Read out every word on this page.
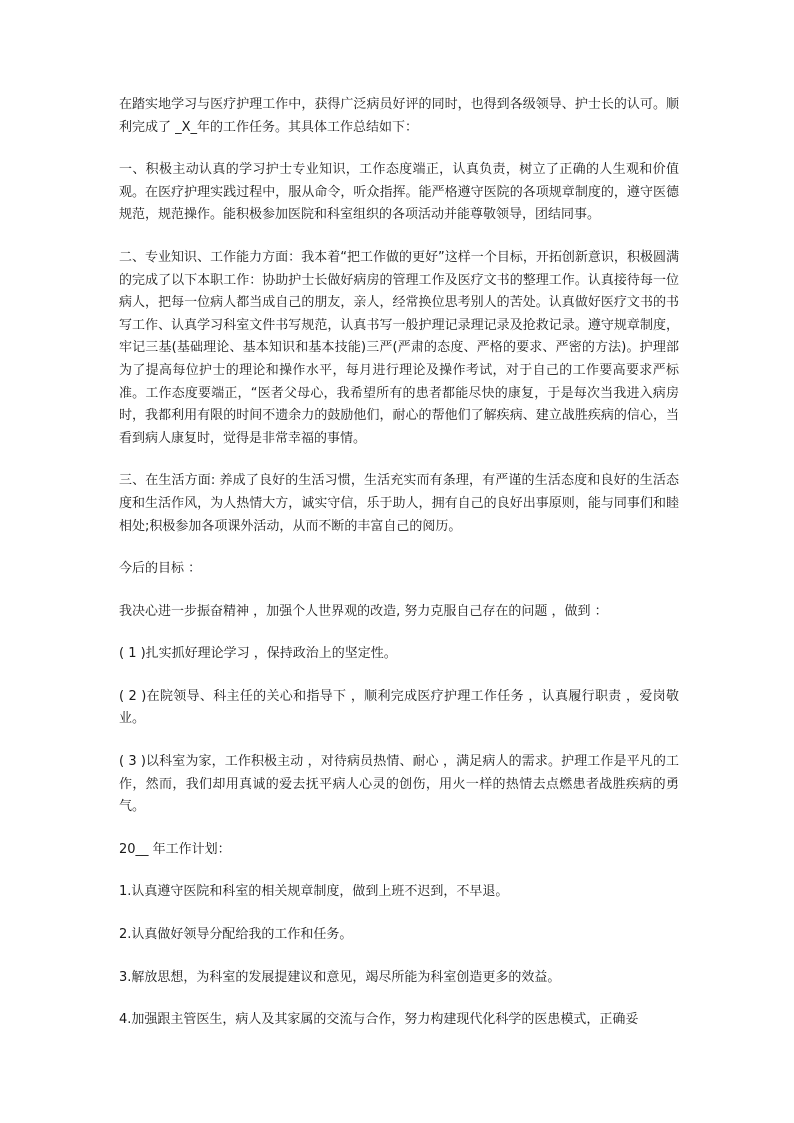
在踏实地学习与医疗护理工作中，获得广泛病员好评的同时，也得到各级领导、护士长的认可。顺利完成了 _X_年的工作任务。其具体工作总结如下：

一、积极主动认真的学习护士专业知识，工作态度端正，认真负责，树立了正确的人生观和价值观。在医疗护理实践过程中，服从命令，听众指挥。能严格遵守医院的各项规章制度的，遵守医德规范，规范操作。能积极参加医院和科室组织的各项活动并能尊敬领导，团结同事。

二、专业知识、工作能力方面：我本着“把工作做的更好”这样一个目标，开拓创新意识，积极圆满的完成了以下本职工作：协助护士长做好病房的管理工作及医疗文书的整理工作。认真接待每一位病人，把每一位病人都当成自己的朋友，亲人，经常换位思考别人的苦处。认真做好医疗文书的书写工作、认真学习科室文件书写规范，认真书写一般护理记录理记录及抢救记录。遵守规章制度，牢记三基(基础理论、基本知识和基本技能)三严(严肃的态度、严格的要求、严密的方法)。护理部为了提高每位护士的理论和操作水平，每月进行理论及操作考试，对于自己的工作要高要求严标准。工作态度要端正，“医者父母心，我希望所有的患者都能尽快的康复，于是每次当我进入病房时，我都利用有限的时间不遗余力的鼓励他们，耐心的帮他们了解疾病、建立战胜疾病的信心，当看到病人康复时，觉得是非常幸福的事情。

三、在生活方面: 养成了良好的生活习惯，生活充实而有条理，有严谨的生活态度和良好的生活态度和生活作风，为人热情大方，诚实守信，乐于助人，拥有自己的良好出事原则，能与同事们和睦相处;积极参加各项课外活动，从而不断的丰富自己的阅历。

今后的目标 ：

我决心进一步振奋精神 ，加强个人世界观的改造, 努力克服自己存在的问题 ，做到 ：

( 1 )扎实抓好理论学习 ，保持政治上的坚定性。

( 2 )在院领导、科主任的关心和指导下 ，顺利完成医疗护理工作任务 ，认真履行职责 ，爱岗敬业。

( 3 )以科室为家，工作积极主动 ，对待病员热情、耐心 ，满足病人的需求。护理工作是平凡的工作，然而，我们却用真诚的爱去抚平病人心灵的创伤，用火一样的热情去点燃患者战胜疾病的勇气。

20__ 年工作计划：

1.认真遵守医院和科室的相关规章制度，做到上班不迟到，不早退。

2.认真做好领导分配给我的工作和任务。

3.解放思想，为科室的发展提建议和意见，竭尽所能为科室创造更多的效益。

4.加强跟主管医生，病人及其家属的交流与合作，努力构建现代化科学的医患模式，正确妥
